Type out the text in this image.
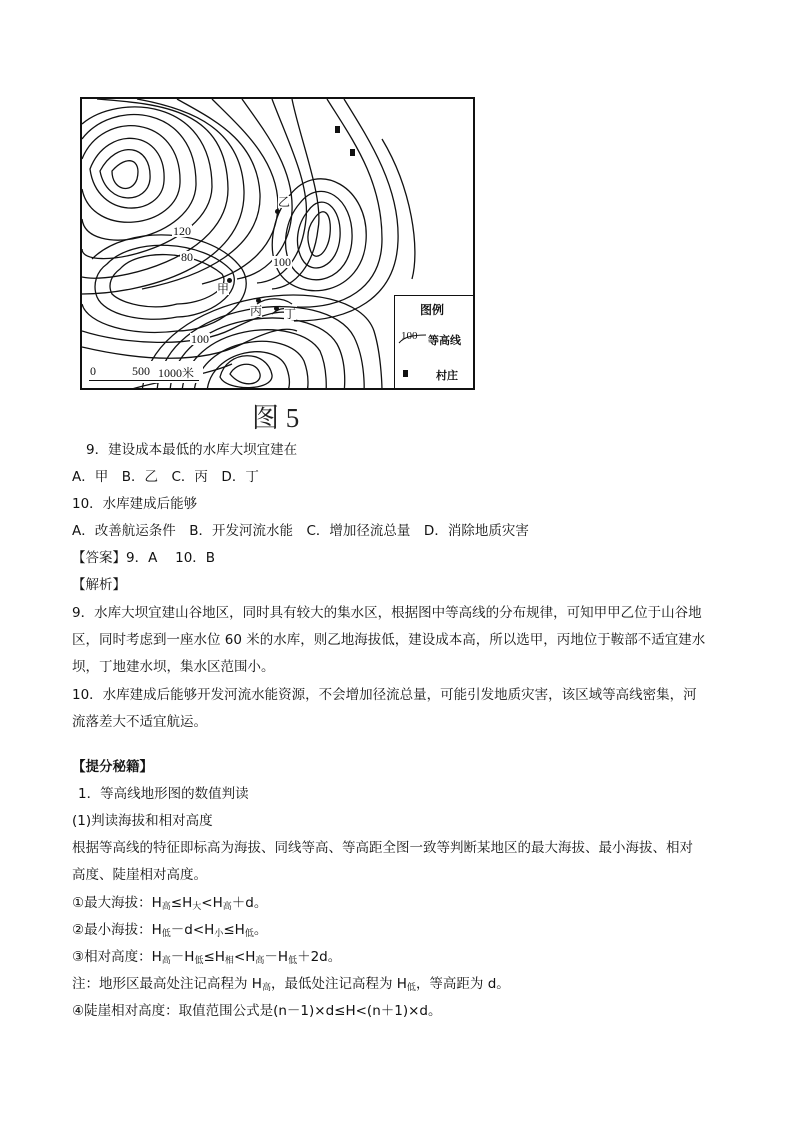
120
80	100
100
乙
甲
丙 丁
0	500 1000米
图例
100 等高线
村庄
图 5
9．建设成本最低的水库大坝宜建在
A．甲　B．乙　C．丙　D．丁
10．水库建成后能够
A．改善航运条件　B．开发河流水能　C．增加径流总量　D．消除地质灾害
【答案】9．A　 10．B
【解析】
9．水库大坝宜建山谷地区，同时具有较大的集水区，根据图中等高线的分布规律，可知甲甲乙位于山谷地
区，同时考虑到一座水位 60 米的水库，则乙地海拔低，建设成本高，所以选甲，丙地位于鞍部不适宜建水
坝，丁地建水坝，集水区范围小。
10．水库建成后能够开发河流水能资源，不会增加径流总量，可能引发地质灾害，该区域等高线密集，河
流落差大不适宜航运。
【提分秘籍】
1．等高线地形图的数值判读
(1)判读海拔和相对高度
根据等高线的特征即标高为海拔、同线等高、等高距全图一致等判断某地区的最大海拔、最小海拔、相对
高度、陡崖相对高度。
①最大海拔：H高≤H大<H高＋d。
②最小海拔：H低－d<H小≤H低。
③相对高度：H高－H低≤H相<H高－H低＋2d。
注：地形区最高处注记高程为 H高，最低处注记高程为 H低，等高距为 d。
④陡崖相对高度：取值范围公式是(n－1)×d≤H<(n＋1)×d。
